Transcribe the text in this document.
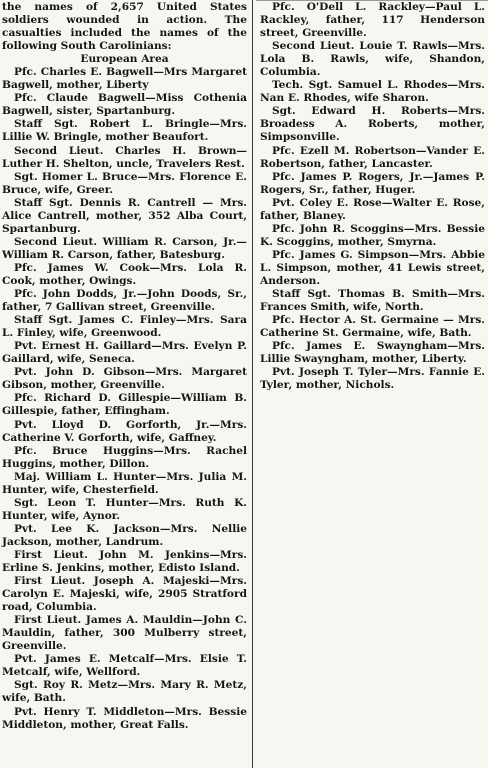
the names of 2,657 United States soldiers wounded in action. The casualties included the names of the following South Carolinians:

European Area

Pfc. Charles E. Bagwell—Mrs Margaret Bagwell, mother, Liberty

Pfc. Claude Bagwell—Miss Cothenia Bagwell, sister, Spartanburg.

Staff Sgt. Robert L. Bringle—Mrs. Lillie W. Bringle, mother Beaufort.

Second Lieut. Charles H. Brown—Luther H. Shelton, uncle, Travelers Rest.

Sgt. Homer L. Bruce—Mrs. Florence E. Bruce, wife, Greer.

Staff Sgt. Dennis R. Cantrell — Mrs. Alice Cantrell, mother, 352 Alba Court, Spartanburg.

Second Lieut. William R. Carson, Jr.—William R. Carson, father, Batesburg.

Pfc. James W. Cook—Mrs. Lola R. Cook, mother, Owings.

Pfc. John Dodds, Jr.—John Doods, Sr., father, 7 Gallivan street, Greenville.

Staff Sgt. James C. Finley—Mrs. Sara L. Finley, wife, Greenwood.

Pvt. Ernest H. Gaillard—Mrs. Evelyn P. Gaillard, wife, Seneca.

Pvt. John D. Gibson—Mrs. Margaret Gibson, mother, Greenville.

Pfc. Richard D. Gillespie—William B. Gillespie, father, Effingham.

Pvt. Lloyd D. Gorforth, Jr.—Mrs. Catherine V. Gorforth, wife, Gaffney.

Pfc. Bruce Huggins—Mrs. Rachel Huggins, mother, Dillon.

Maj. William L. Hunter—Mrs. Julia M. Hunter, wife, Chesterfield.

Sgt. Leon T. Hunter—Mrs. Ruth K. Hunter, wife, Aynor.

Pvt. Lee K. Jackson—Mrs. Nellie Jackson, mother, Landrum.

First Lieut. John M. Jenkins—Mrs. Erline S. Jenkins, mother, Edisto Island.

First Lieut. Joseph A. Majeski—Mrs. Carolyn E. Majeski, wife, 2905 Stratford road, Columbia.

First Lieut. James A. Mauldin—John C. Mauldin, father, 300 Mulberry street, Greenville.

Pvt. James E. Metcalf—Mrs. Elsie T. Metcalf, wife, Wellford.

Sgt. Roy R. Metz—Mrs. Mary R. Metz, wife, Bath.

Pvt. Henry T. Middleton—Mrs. Bessie Middleton, mother, Great Falls.

Pfc. O'Dell L. Rackley—Paul L. Rackley, father, 117 Henderson street, Greenville.

Second Lieut. Louie T. Rawls—Mrs. Lola B. Rawls, wife, Shandon, Columbia.

Tech. Sgt. Samuel L. Rhodes—Mrs. Nan E. Rhodes, wife Sharon.

Sgt. Edward H. Roberts—Mrs. Broadess A. Roberts, mother, Simpsonville.

Pfc. Ezell M. Robertson—Vander E. Robertson, father, Lancaster.

Pfc. James P. Rogers, Jr.—James P. Rogers, Sr., father, Huger.

Pvt. Coley E. Rose—Walter E. Rose, father, Blaney.

Pfc. John R. Scoggins—Mrs. Bessie K. Scoggins, mother, Smyrna.

Pfc. James G. Simpson—Mrs. Abbie L. Simpson, mother, 41 Lewis street, Anderson.

Staff Sgt. Thomas B. Smith—Mrs. Frances Smith, wife, North.

Pfc. Hector A. St. Germaine — Mrs. Catherine St. Germaine, wife, Bath.

Pfc. James E. Swayngham—Mrs. Lillie Swayngham, mother, Liberty.

Pvt. Joseph T. Tyler—Mrs. Fannie E. Tyler, mother, Nichols.
